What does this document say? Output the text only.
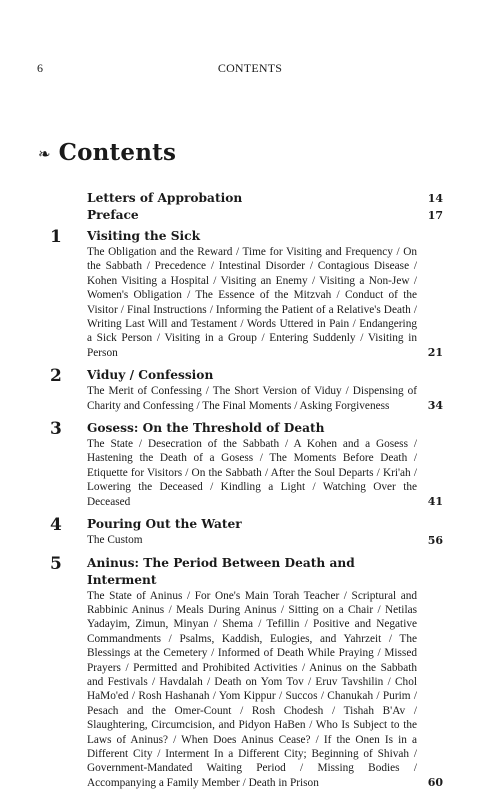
6	CONTENTS
❧ Contents
Letters of Approbation	14
Preface	17
1 Visiting the Sick
The Obligation and the Reward / Time for Visiting and Frequency / On the Sabbath / Precedence / Intestinal Disorder / Contagious Disease / Kohen Visiting a Hospital / Visiting an Enemy / Visiting a Non-Jew / Women's Obligation / The Essence of the Mitzvah / Conduct of the Visitor / Final Instructions / Informing the Patient of a Relative's Death / Writing Last Will and Testament / Words Uttered in Pain / Endangering a Sick Person / Visiting in a Group / Entering Suddenly / Visiting in Person	21
2 Viduy / Confession
The Merit of Confessing / The Short Version of Viduy / Dispensing of Charity and Confessing / The Final Moments / Asking Forgiveness	34
3 Gosess: On the Threshold of Death
The State / Desecration of the Sabbath / A Kohen and a Gosess / Hastening the Death of a Gosess / The Moments Before Death / Etiquette for Visitors / On the Sabbath / After the Soul Departs / Kri'ah / Lowering the Deceased / Kindling a Light / Watching Over the Deceased	41
4 Pouring Out the Water
The Custom	56
5 Aninus: The Period Between Death and Interment
The State of Aninus / For One's Main Torah Teacher / Scriptural and Rabbinic Aninus / Meals During Aninus / Sitting on a Chair / Netilas Yadayim, Zimun, Minyan / Shema / Tefillin / Positive and Negative Commandments / Psalms, Kaddish, Eulogies, and Yahrzeit / The Blessings at the Cemetery / Informed of Death While Praying / Missed Prayers / Permitted and Prohibited Activities / Aninus on the Sabbath and Festivals / Havdalah / Death on Yom Tov / Eruv Tavshilin / Chol HaMo'ed / Rosh Hashanah / Yom Kippur / Succos / Chanukah / Purim / Pesach and the Omer-Count / Rosh Chodesh / Tishah B'Av / Slaughtering, Circumcision, and Pidyon HaBen / Who Is Subject to the Laws of Aninus? / When Does Aninus Cease? / If the Onen Is in a Different City / Interment In a Different City; Beginning of Shivah / Government-Mandated Waiting Period / Missing Bodies / Accompanying a Family Member / Death in Prison	60
